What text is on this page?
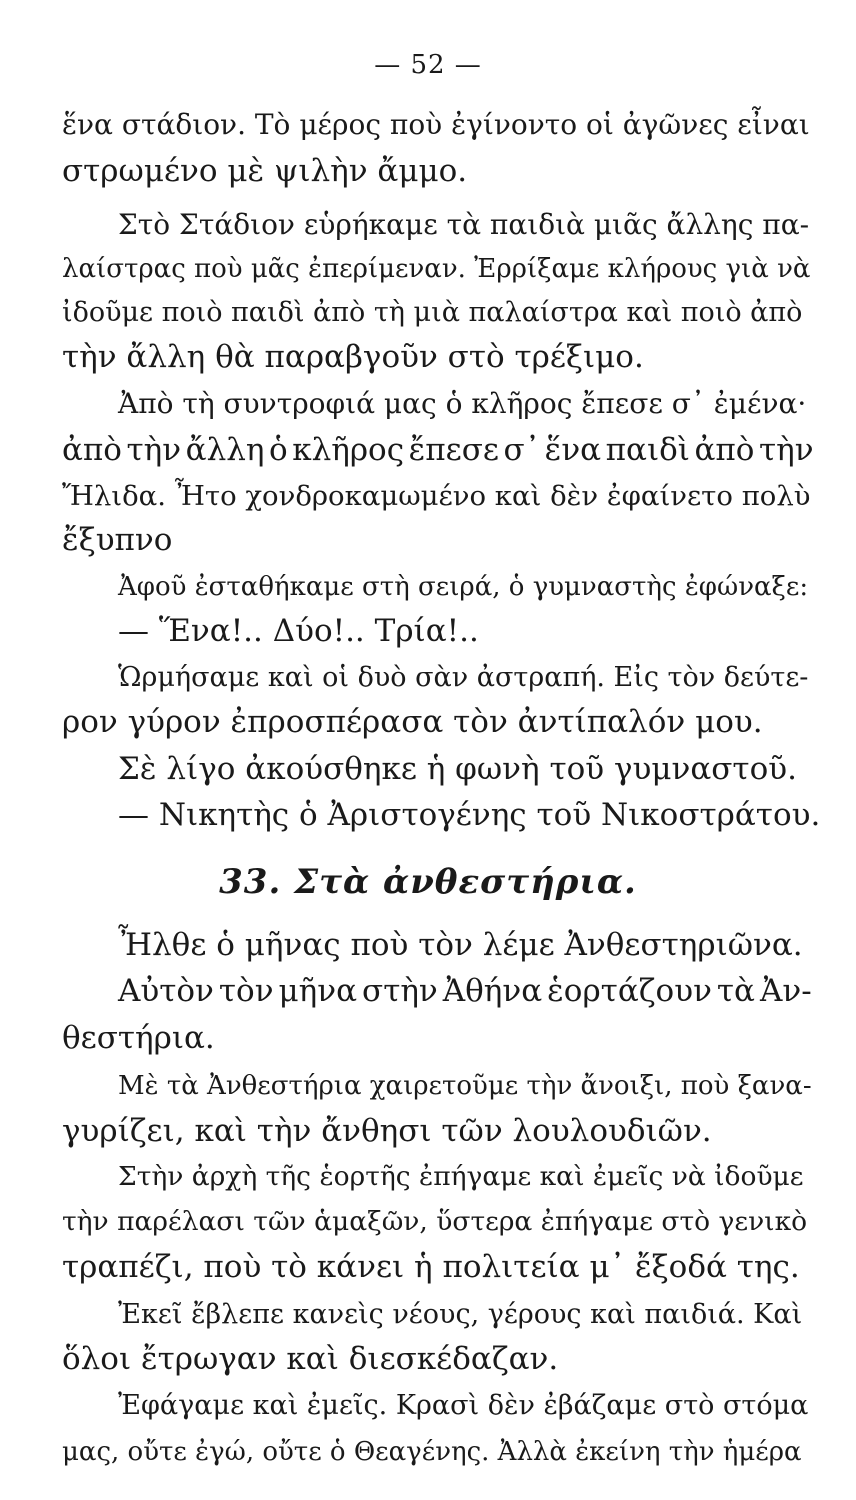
— 52 —
ἕνα στάδιον. Τὸ μέρος ποὺ ἐγίνοντο οἱ ἀγῶνες εἶναι
στρωμένο μὲ ψιλὴν ἄμμο.
Στὸ Στάδιον εὑρήκαμε τὰ παιδιὰ μιᾶς ἄλλης πα-
λαίστρας ποὺ μᾶς ἐπερίμεναν. Ἐρρίξαμε κλήρους γιὰ νὰ
ἰδοῦμε ποιὸ παιδὶ ἀπὸ τὴ μιὰ παλαίστρα καὶ ποιὸ ἀπὸ
τὴν ἄλλη θὰ παραβγοῦν στὸ τρέξιμο.
Ἀπὸ τὴ συντροφιά μας ὁ κλῆρος ἔπεσε σ᾽ ἐμένα·
ἀπὸ τὴν ἄλλη ὁ κλῆρος ἔπεσε σ᾽ ἕνα παιδὶ ἀπὸ τὴν
Ἤλιδα. Ἦτο χονδροκαμωμένο καὶ δὲν ἐφαίνετο πολὺ
ἔξυπνο
Ἀφοῦ ἐσταθήκαμε στὴ σειρά, ὁ γυμναστὴς ἐφώναξε:
— Ἕνα!.. Δύο!.. Τρία!..
Ὡρμήσαμε καὶ οἱ δυὸ σὰν ἀστραπή. Εἰς τὸν δεύτε-
ρον γύρον ἐπροσπέρασα τὸν ἀντίπαλόν μου.
Σὲ λίγο ἀκούσθηκε ἡ φωνὴ τοῦ γυμναστοῦ.
— Νικητὴς ὁ Ἀριστογένης τοῦ Νικοστράτου.
33. Στὰ ἀνθεστήρια.
Ἦλθε ὁ μῆνας ποὺ τὸν λέμε Ἀνθεστηριῶνα.
Αὐτὸν τὸν μῆνα στὴν Ἀθήνα ἑορτάζουν τὰ Ἀν-
θεστήρια.
Μὲ τὰ Ἀνθεστήρια χαιρετοῦμε τὴν ἄνοιξι, ποὺ ξανα-
γυρίζει, καὶ τὴν ἄνθησι τῶν λουλουδιῶν.
Στὴν ἀρχὴ τῆς ἑορτῆς ἐπήγαμε καὶ ἐμεῖς νὰ ἰδοῦμε
τὴν παρέλασι τῶν ἁμαξῶν, ὕστερα ἐπήγαμε στὸ γενικὸ
τραπέζι, ποὺ τὸ κάνει ἡ πολιτεία μ᾽ ἔξοδά της.
Ἐκεῖ ἔβλεπε κανεὶς νέους, γέρους καὶ παιδιά. Καὶ
ὅλοι ἔτρωγαν καὶ διεσκέδαζαν.
Ἐφάγαμε καὶ ἐμεῖς. Κρασὶ δὲν ἐβάζαμε στὸ στόμα
μας, οὔτε ἐγώ, οὔτε ὁ Θεαγένης. Ἀλλὰ ἐκείνη τὴν ἡμέρα
